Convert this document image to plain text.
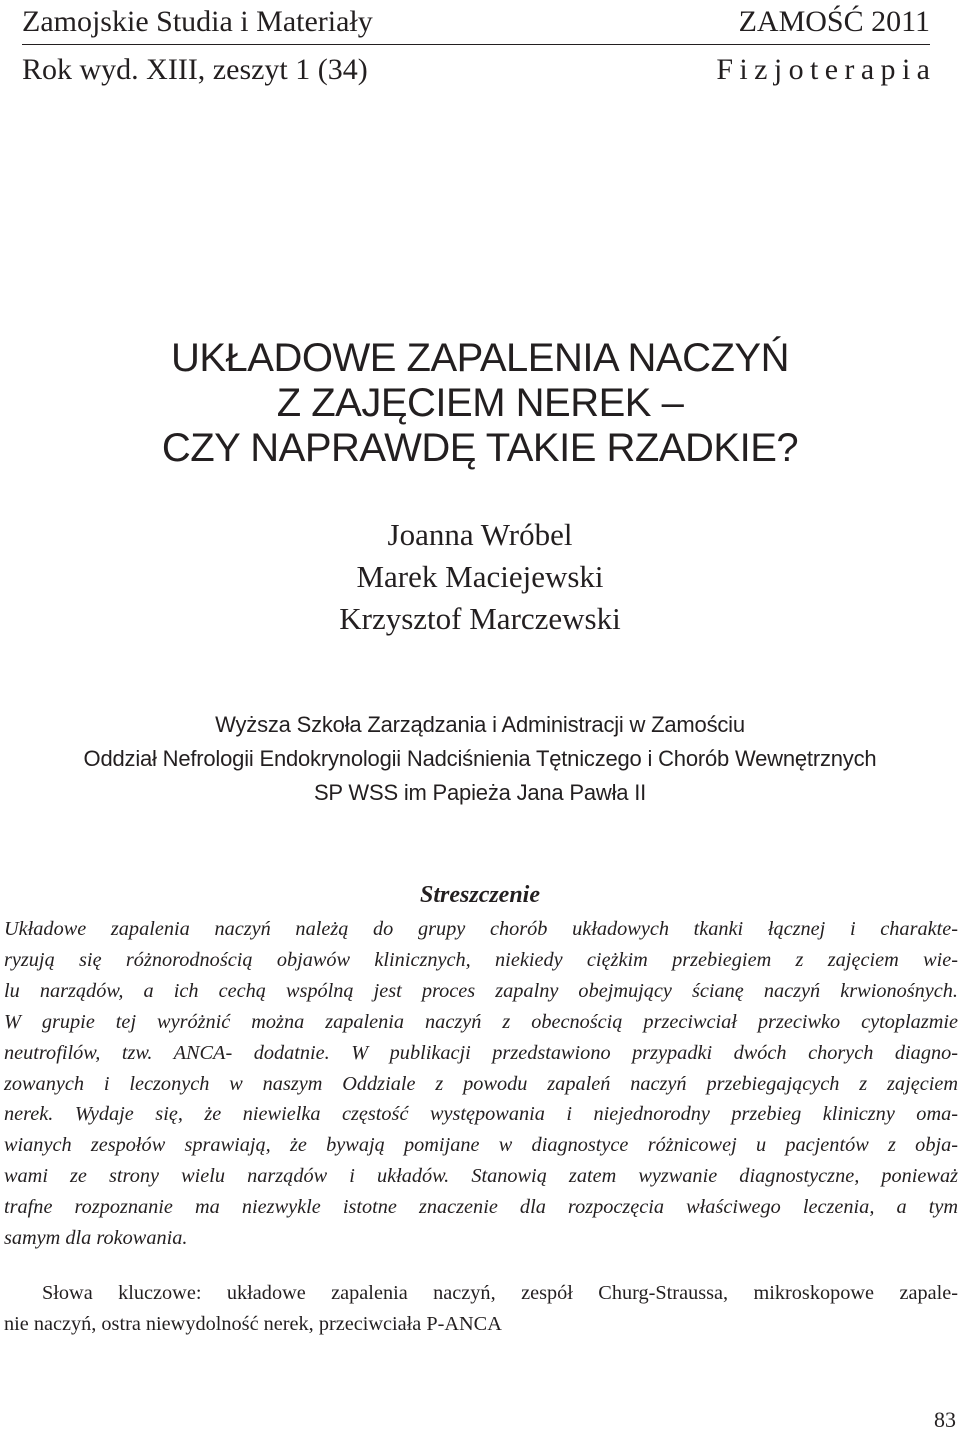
Zamojskie Studia i Materiały	ZAMOŚĆ 2011
Rok wyd. XIII, zeszyt 1 (34)	Fizjoterapia
UKŁADOWE ZAPALENIA NACZYŃ
Z ZAJĘCIEM NEREK –
CZY NAPRAWDĘ TAKIE RZADKIE?
Joanna Wróbel
Marek Maciejewski
Krzysztof Marczewski
Wyższa Szkoła Zarządzania i Administracji w Zamościu
Oddział Nefrologii Endokrynologii Nadciśnienia Tętniczego i Chorób Wewnętrznych
SP WSS im Papieża Jana Pawła II
Streszczenie
Układowe zapalenia naczyń należą do grupy chorób układowych tkanki łącznej i charakte-
ryzują się różnorodnością objawów klinicznych, niekiedy ciężkim przebiegiem z zajęciem wie-
lu narządów, a ich cechą wspólną jest proces zapalny obejmujący ścianę naczyń krwionośnych.
W grupie tej wyróżnić można zapalenia naczyń z obecnością przeciwciał przeciwko cytoplazmie
neutrofilów, tzw. ANCA- dodatnie. W publikacji przedstawiono przypadki dwóch chorych diagno-
zowanych i leczonych w naszym Oddziale z powodu zapaleń naczyń przebiegających z zajęciem
nerek. Wydaje się, że niewielka częstość występowania i niejednorodny przebieg kliniczny oma-
wianych zespołów sprawiają, że bywają pomijane w diagnostyce różnicowej u pacjentów z obja-
wami ze strony wielu narządów i układów. Stanowią zatem wyzwanie diagnostyczne, ponieważ
trafne rozpoznanie ma niezwykle istotne znaczenie dla rozpoczęcia właściwego leczenia, a tym
samym dla rokowania.
Słowa kluczowe: układowe zapalenia naczyń, zespół Churg-Straussa, mikroskopowe zapale-
nie naczyń, ostra niewydolność nerek, przeciwciała P-ANCA
83
